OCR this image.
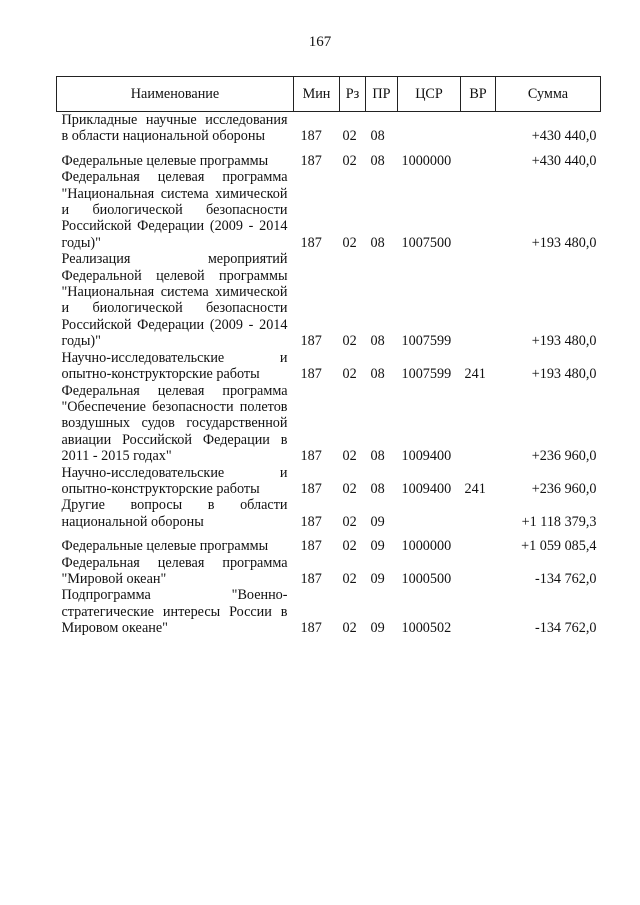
167
Наименование	Мин	Рз	ПР	ЦСР	ВР	Сумма
Прикладные научные исследования в области национальной обороны	187	02	08			+430 440,0
Федеральные целевые программы	187	02	08	1000000		+430 440,0
Федеральная целевая программа "Национальная система химической и биологической безопасности Российской Федерации (2009 - 2014 годы)"	187	02	08	1007500		+193 480,0
Реализация мероприятий Федеральной целевой программы "Национальная система химической и биологической безопасности Российской Федерации (2009 - 2014 годы)"	187	02	08	1007599		+193 480,0
Научно-исследовательские и опытно-конструкторские работы	187	02	08	1007599	241	+193 480,0
Федеральная целевая программа "Обеспечение безопасности полетов воздушных судов государственной авиации Российской Федерации в 2011 - 2015 годах"	187	02	08	1009400		+236 960,0
Научно-исследовательские и опытно-конструкторские работы	187	02	08	1009400	241	+236 960,0
Другие вопросы в области национальной обороны	187	02	09			+1 118 379,3
Федеральные целевые программы	187	02	09	1000000		+1 059 085,4
Федеральная целевая программа "Мировой океан"	187	02	09	1000500		-134 762,0
Подпрограмма "Военно-стратегические интересы России в Мировом океане"	187	02	09	1000502		-134 762,0
